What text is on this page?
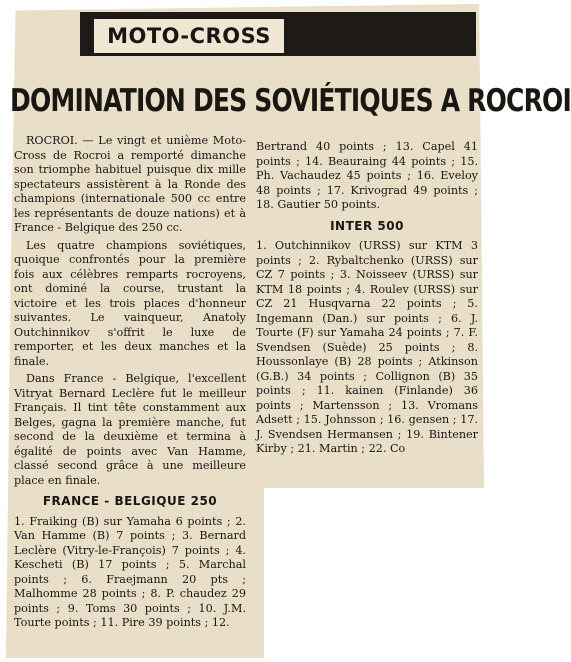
MOTO-CROSS
DOMINATION DES SOVIÉTIQUES A ROCROI

ROCROI. — Le vingt et unième Moto-Cross de Rocroi a remporté dimanche son triomphe habituel puisque dix mille spectateurs assistèrent à la Ronde des champions (internationale 500 cc entre les représentants de douze nations) et à France - Belgique des 250 cc.

Les quatre champions soviétiques, quoique confrontés pour la première fois aux célèbres remparts rocroyens, ont dominé la course, trustant la victoire et les trois places d'honneur suivantes. Le vainqueur, Anatoly Outchinnikov s'offrit le luxe de remporter, et les deux manches et la finale.

Dans France - Belgique, l'excellent Vitryat Bernard Leclère fut le meilleur Français. Il tint tête constamment aux Belges, gagna la première manche, fut second de la deuxième et termina à égalité de points avec Van Hamme, classé second grâce à une meilleure place en finale.

FRANCE - BELGIQUE 250

1. Fraiking (B) sur Yamaha 6 points ; 2. Van Hamme (B) 7 points ; 3. Bernard Leclère (Vitry-le-François) 7 points ; 4. Kescheti (B) 17 points ; 5. Marchal points ; 6. Fraejmann 20 pts ; Malhomme 28 points ; 8. P. chaudez 29 points ; 9. Toms 30 points ; 10. J.M. Tourte points ; 11. Pire 39 points ; 12.

Bertrand 40 points ; 13. Capel 41 points ; 14. Beauraing 44 points ; 15. Ph. Vachaudez 45 points ; 16. Eveloy 48 points ; 17. Krivograd 49 points ; 18. Gautier 50 points.

INTER 500

1. Outchinnikov (URSS) sur KTM 3 points ; 2. Rybaltchenko (URSS) sur CZ 7 points ; 3. Noisseev (URSS) sur KTM 18 points ; 4. Roulev (URSS) sur CZ 21 Husqvarna 22 points ; 5. Ingemann (Dan.) sur points ; 6. J. Tourte (F) sur Yamaha 24 points ; 7. F. Svendsen (Suède) 25 points ; 8. Houssonlaye (B) 28 points ; Atkinson (G.B.) 34 points ; Collignon (B) 35 points ; 11. kainen (Finlande) 36 points ; Martensson ; 13. Vromans Adsett ; 15. Johnsson ; 16. gensen ; 17. J. Svendsen Hermansen ; 19. Bintener Kirby ; 21. Martin ; 22. Co
